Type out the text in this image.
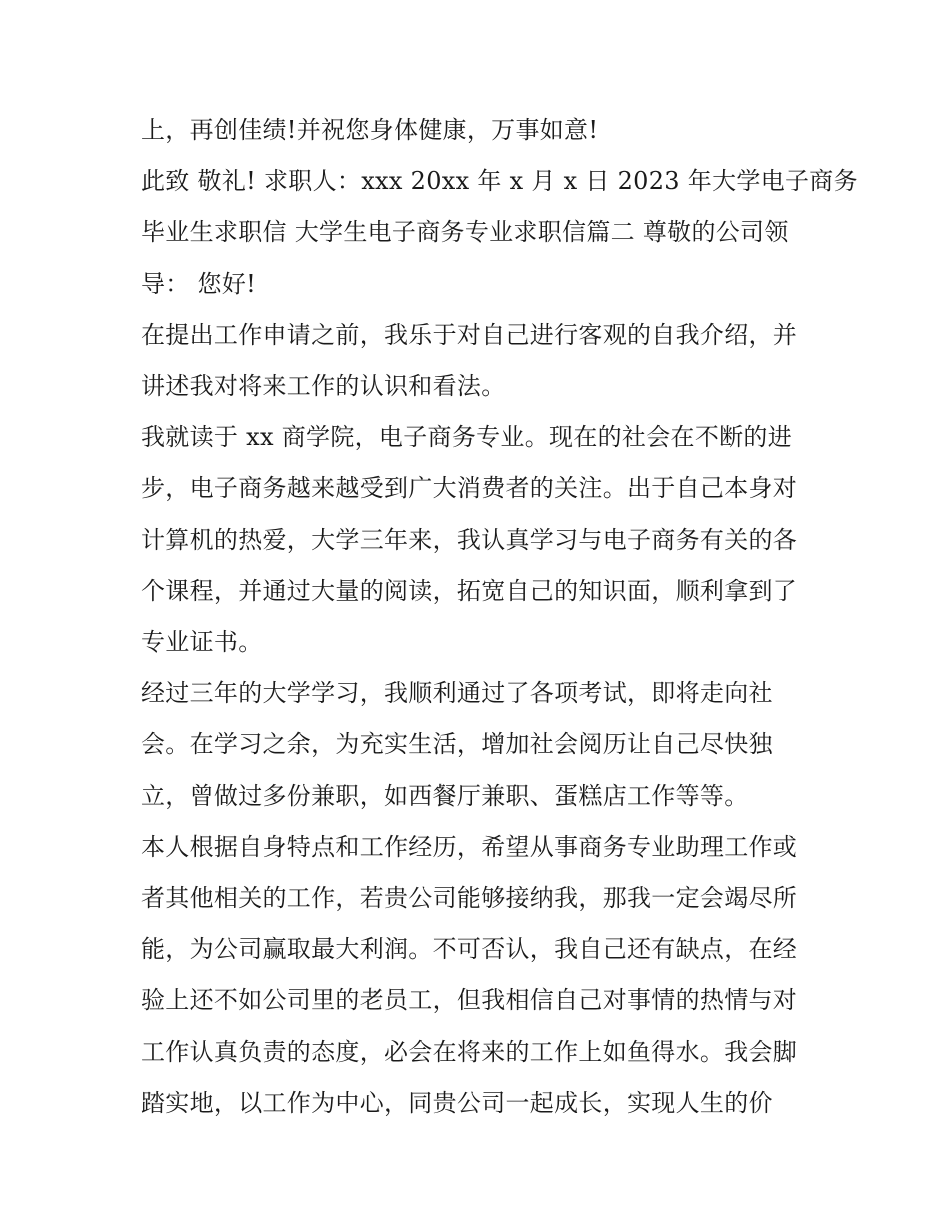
上，再创佳绩!并祝您身体健康，万事如意!

此致 敬礼! 求职人：xxx 20xx 年 x 月 x 日 2023 年大学电子商务

毕业生求职信 大学生电子商务专业求职信篇二 尊敬的公司领

导： 您好!

在提出工作申请之前，我乐于对自己进行客观的自我介绍，并

讲述我对将来工作的认识和看法。

我就读于 xx 商学院，电子商务专业。现在的社会在不断的进

步，电子商务越来越受到广大消费者的关注。出于自己本身对

计算机的热爱，大学三年来，我认真学习与电子商务有关的各

个课程，并通过大量的阅读，拓宽自己的知识面，顺利拿到了

专业证书。

经过三年的大学学习，我顺利通过了各项考试，即将走向社

会。在学习之余，为充实生活，增加社会阅历让自己尽快独

立，曾做过多份兼职，如西餐厅兼职、蛋糕店工作等等。

本人根据自身特点和工作经历，希望从事商务专业助理工作或

者其他相关的工作，若贵公司能够接纳我，那我一定会竭尽所

能，为公司赢取最大利润。不可否认，我自己还有缺点，在经

验上还不如公司里的老员工，但我相信自己对事情的热情与对

工作认真负责的态度，必会在将来的工作上如鱼得水。我会脚

踏实地，以工作为中心，同贵公司一起成长，实现人生的价
